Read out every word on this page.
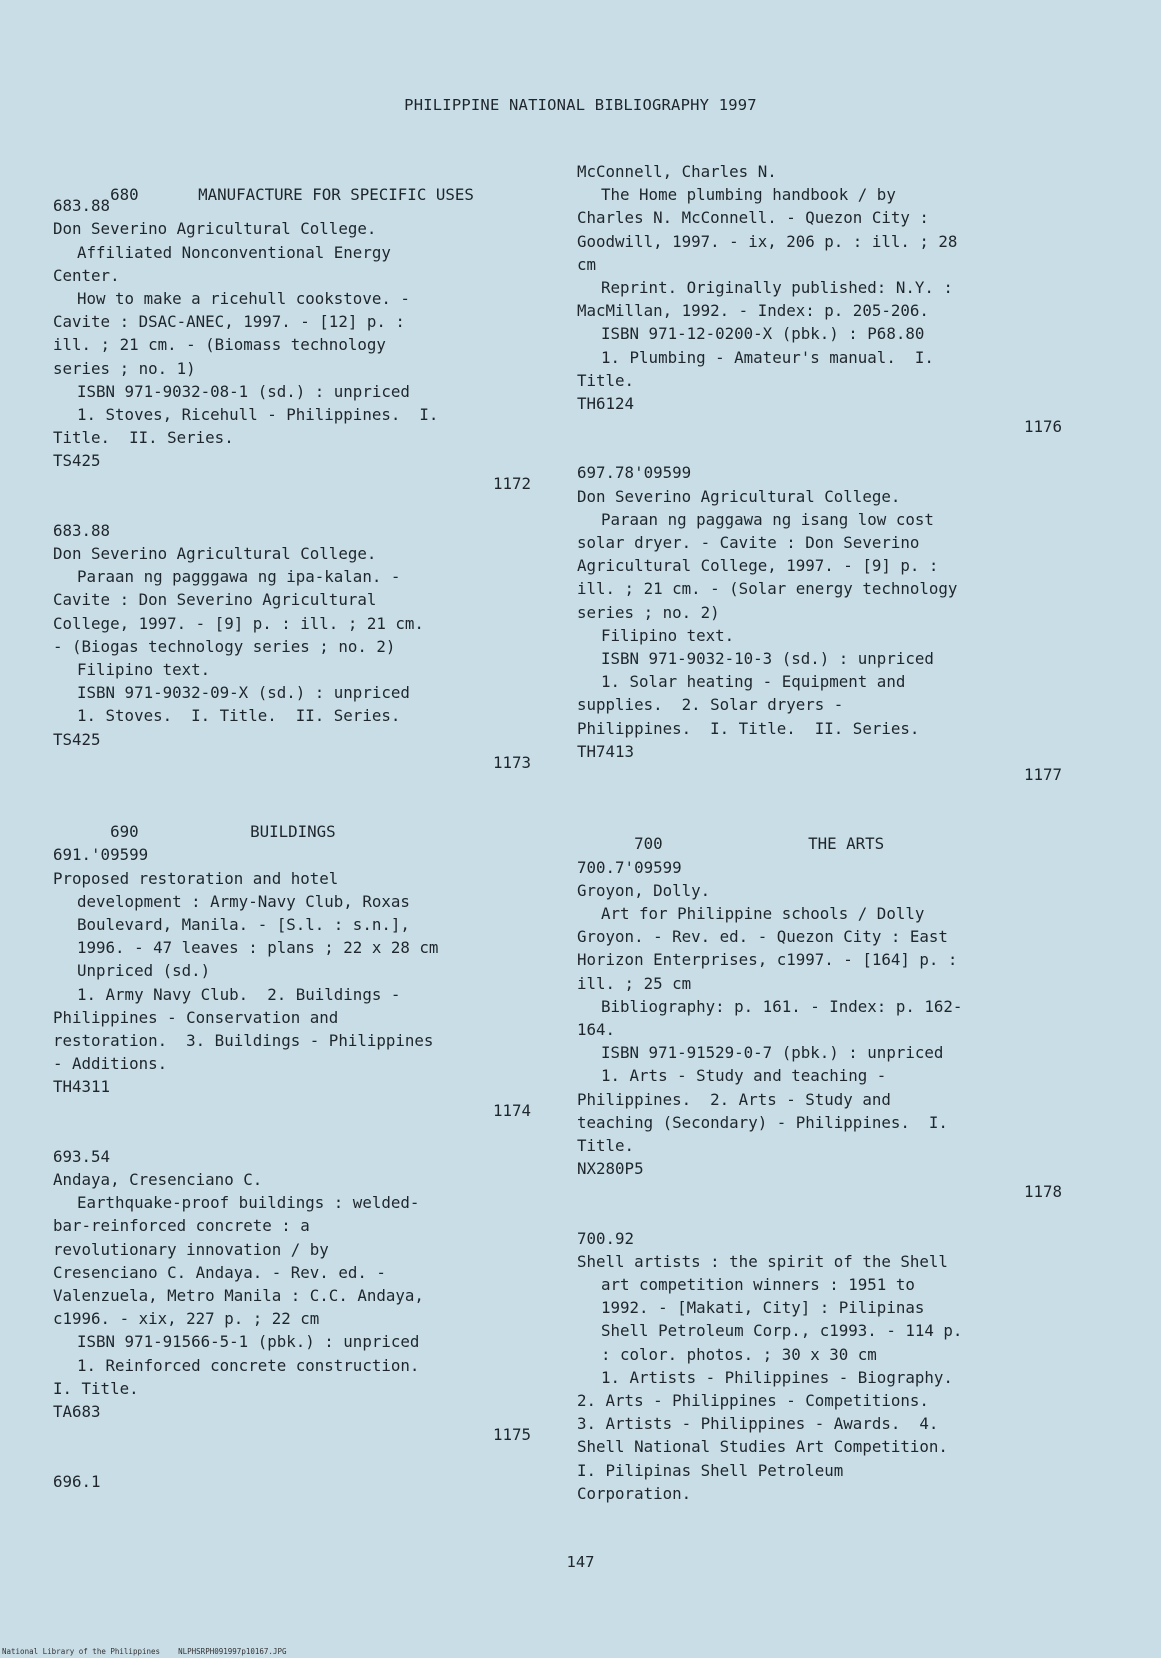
PHILIPPINE NATIONAL BIBLIOGRAPHY 1997

680	MANUFACTURE FOR SPECIFIC USES

683.88
Don Severino Agricultural College.
Affiliated Nonconventional Energy
Center.
How to make a ricehull cookstove. -
Cavite : DSAC-ANEC, 1997. - [12] p. :
ill. ; 21 cm. - (Biomass technology
series ; no. 1)
ISBN 971-9032-08-1 (sd.) : unpriced
1. Stoves, Ricehull - Philippines.  I.
Title.  II. Series.
TS425
1172
683.88
Don Severino Agricultural College.
Paraan ng pagggawa ng ipa-kalan. -
Cavite : Don Severino Agricultural
College, 1997. - [9] p. : ill. ; 21 cm.
- (Biogas technology series ; no. 2)
Filipino text.
ISBN 971-9032-09-X (sd.) : unpriced
1. Stoves.  I. Title.  II. Series.
TS425
1173

690	BUILDINGS

691.'09599
Proposed restoration and hotel
development : Army-Navy Club, Roxas
Boulevard, Manila. - [S.l. : s.n.],
1996. - 47 leaves : plans ; 22 x 28 cm
Unpriced (sd.)
1. Army Navy Club.  2. Buildings -
Philippines - Conservation and
restoration.  3. Buildings - Philippines
- Additions.
TH4311
1174
693.54
Andaya, Cresenciano C.
Earthquake-proof buildings : welded-
bar-reinforced concrete : a
revolutionary innovation / by
Cresenciano C. Andaya. - Rev. ed. -
Valenzuela, Metro Manila : C.C. Andaya,
c1996. - xix, 227 p. ; 22 cm
ISBN 971-91566-5-1 (pbk.) : unpriced
1. Reinforced concrete construction.
I. Title.
TA683
1175
696.1
McConnell, Charles N.
The Home plumbing handbook / by
Charles N. McConnell. - Quezon City :
Goodwill, 1997. - ix, 206 p. : ill. ; 28
cm
Reprint. Originally published: N.Y. :
MacMillan, 1992. - Index: p. 205-206.
ISBN 971-12-0200-X (pbk.) : P68.80
1. Plumbing - Amateur's manual.  I.
Title.
TH6124
1176
697.78'09599
Don Severino Agricultural College.
Paraan ng paggawa ng isang low cost
solar dryer. - Cavite : Don Severino
Agricultural College, 1997. - [9] p. :
ill. ; 21 cm. - (Solar energy technology
series ; no. 2)
Filipino text.
ISBN 971-9032-10-3 (sd.) : unpriced
1. Solar heating - Equipment and
supplies.  2. Solar dryers -
Philippines.  I. Title.  II. Series.
TH7413
1177

700	THE ARTS

700.7'09599
Groyon, Dolly.
Art for Philippine schools / Dolly
Groyon. - Rev. ed. - Quezon City : East
Horizon Enterprises, c1997. - [164] p. :
ill. ; 25 cm
Bibliography: p. 161. - Index: p. 162-
164.
ISBN 971-91529-0-7 (pbk.) : unpriced
1. Arts - Study and teaching -
Philippines.  2. Arts - Study and
teaching (Secondary) - Philippines.  I.
Title.
NX280P5
1178
700.92
Shell artists : the spirit of the Shell
art competition winners : 1951 to
1992. - [Makati, City] : Pilipinas
Shell Petroleum Corp., c1993. - 114 p.
: color. photos. ; 30 x 30 cm
1. Artists - Philippines - Biography.
2. Arts - Philippines - Competitions.
3. Artists - Philippines - Awards.  4.
Shell National Studies Art Competition.
I. Pilipinas Shell Petroleum
Corporation.
147
National Library of the Philippines    NLPHSRPH091997p10167.JPG
